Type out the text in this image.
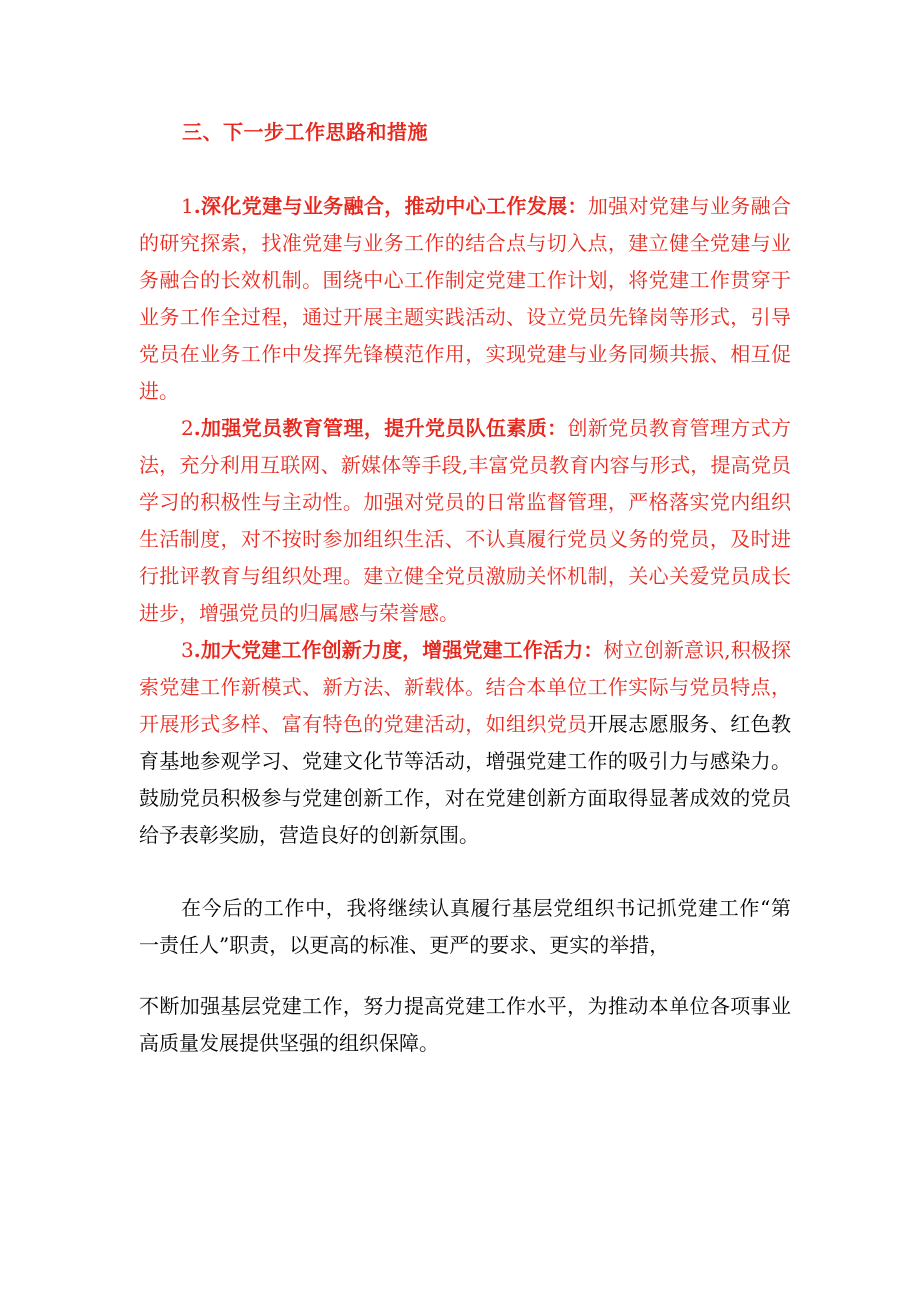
三、下一步工作思路和措施

1.深化党建与业务融合，推动中心工作发展：加强对党建与业务融合的研究探索，找准党建与业务工作的结合点与切入点，建立健全党建与业务融合的长效机制。围绕中心工作制定党建工作计划，将党建工作贯穿于业务工作全过程，通过开展主题实践活动、设立党员先锋岗等形式，引导党员在业务工作中发挥先锋模范作用，实现党建与业务同频共振、相互促进。

2.加强党员教育管理，提升党员队伍素质：创新党员教育管理方式方法，充分利用互联网、新媒体等手段,丰富党员教育内容与形式，提高党员学习的积极性与主动性。加强对党员的日常监督管理，严格落实党内组织生活制度，对不按时参加组织生活、不认真履行党员义务的党员，及时进行批评教育与组织处理。建立健全党员激励关怀机制，关心关爱党员成长进步，增强党员的归属感与荣誉感。

3.加大党建工作创新力度，增强党建工作活力：树立创新意识,积极探索党建工作新模式、新方法、新载体。结合本单位工作实际与党员特点，开展形式多样、富有特色的党建活动，如组织党员开展志愿服务、红色教育基地参观学习、党建文化节等活动，增强党建工作的吸引力与感染力。鼓励党员积极参与党建创新工作，对在党建创新方面取得显著成效的党员给予表彰奖励，营造良好的创新氛围。

在今后的工作中，我将继续认真履行基层党组织书记抓党建工作“第一责任人”职责，以更高的标准、更严的要求、更实的举措，

不断加强基层党建工作，努力提高党建工作水平，为推动本单位各项事业高质量发展提供坚强的组织保障。
